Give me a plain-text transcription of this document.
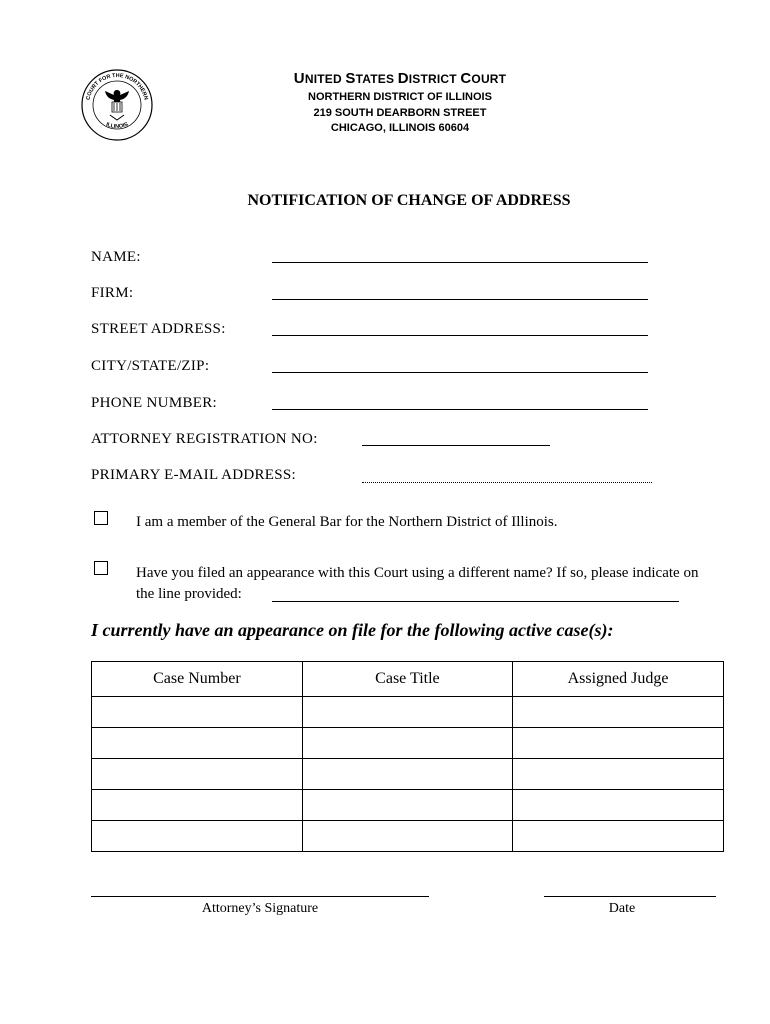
COURT FOR THE NORTHERN
ILLINOIS
UNITED STATES DISTRICT COURT
NORTHERN DISTRICT OF ILLINOIS
219 SOUTH DEARBORN STREET
CHICAGO, ILLINOIS 60604
NOTIFICATION OF CHANGE OF ADDRESS
NAME:
FIRM:
STREET ADDRESS:
CITY/STATE/ZIP:
PHONE NUMBER:
ATTORNEY REGISTRATION NO:
PRIMARY E-MAIL ADDRESS:
I am a member of the General Bar for the Northern District of Illinois.
Have you filed an appearance with this Court using a different name? If so, please indicate on
the line provided:
I currently have an appearance on file for the following active case(s):
Case Number	Case Title	Assigned Judge

Attorney’s Signature	Date
